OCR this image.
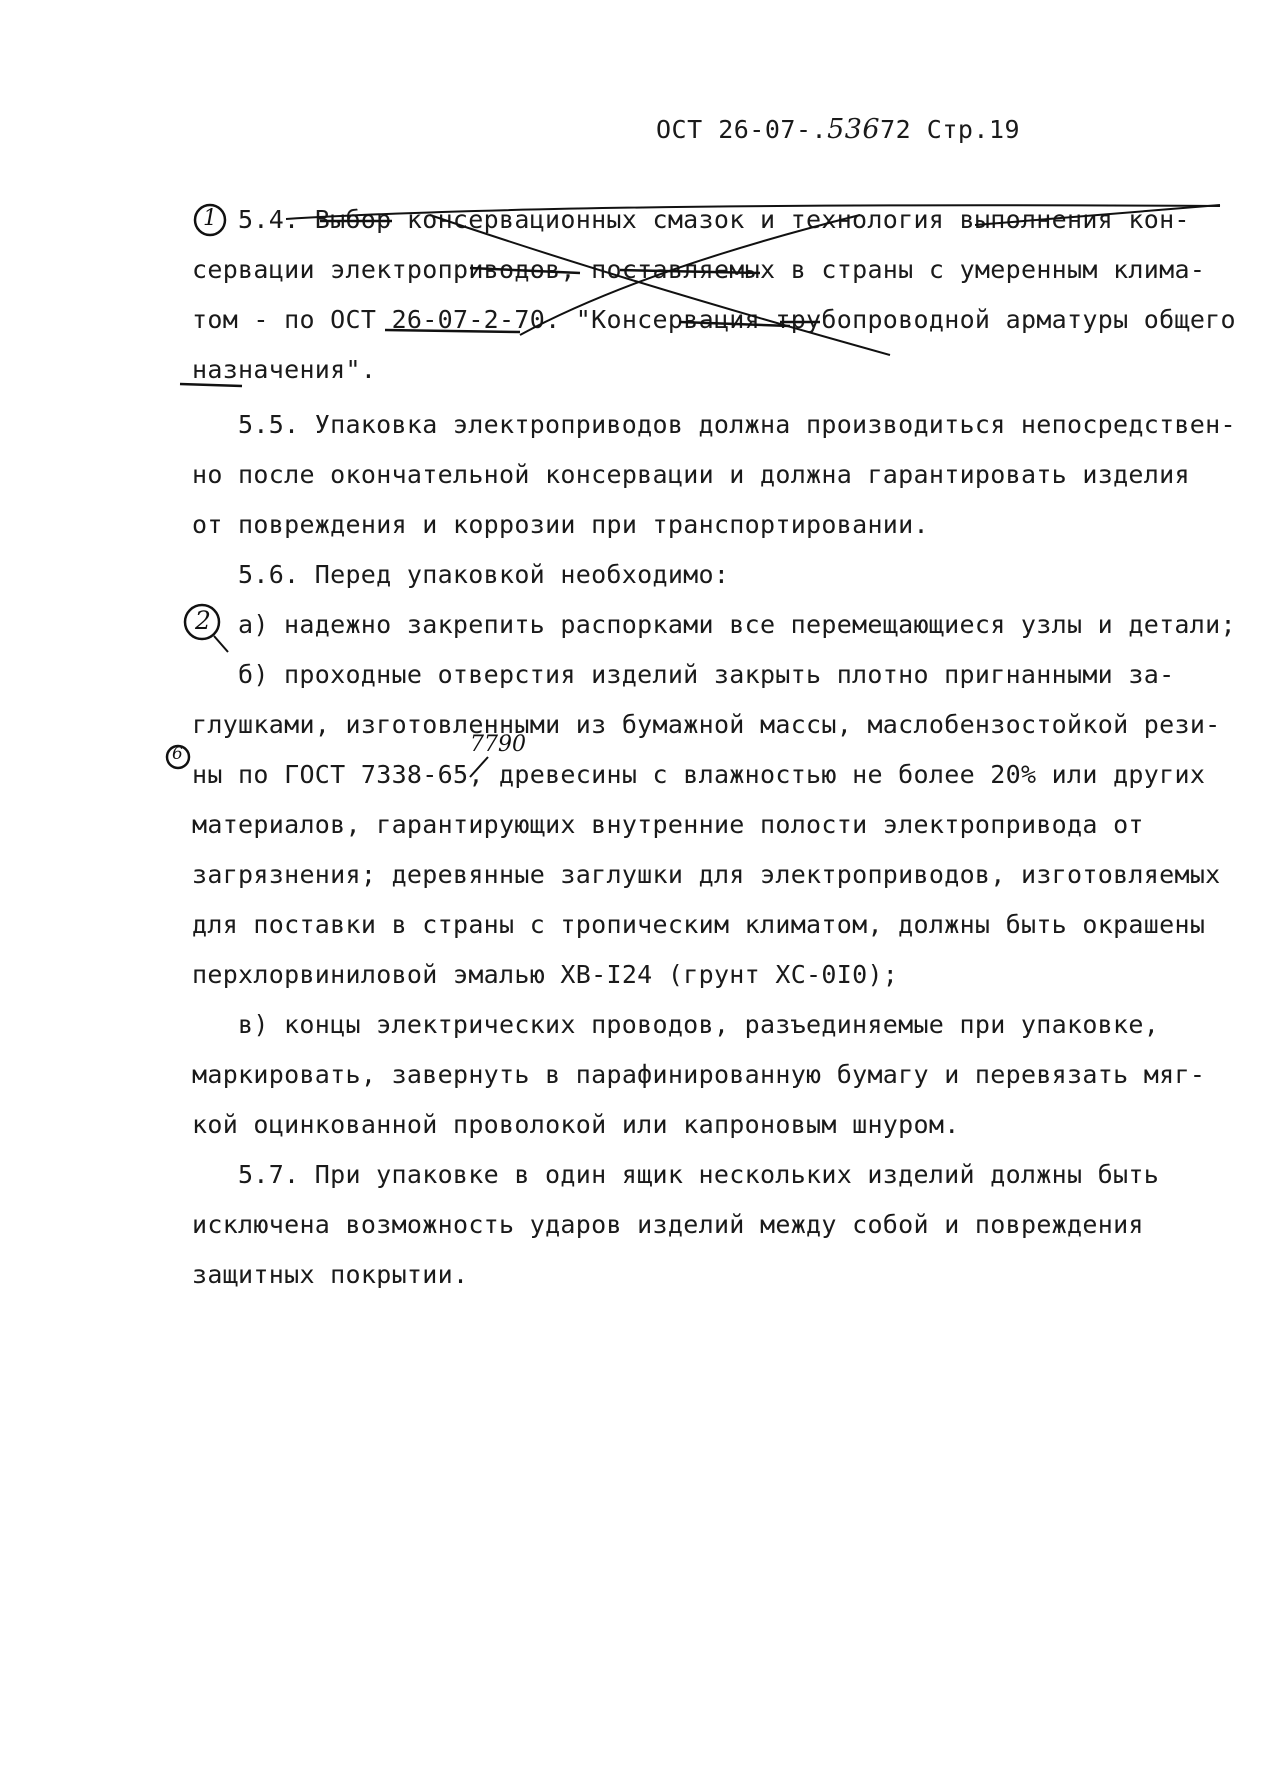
ОСТ 26-07-.53672 Стр.19
5.4. Выбор консервационных смазок и технология выполнения кон-
сервации электроприводов, поставляемых в страны с умеренным клима-
том - по ОСТ 26-07-2-70. "Консервация трубопроводной арматуры общего
назначения".
5.5. Упаковка электроприводов должна производиться непосредствен-
но после окончательной консервации и должна гарантировать изделия
от повреждения и коррозии при транспортировании.
5.6. Перед упаковкой необходимо:
а) надежно закрепить распорками все перемещающиеся узлы и детали;
б) проходные отверстия изделий закрыть плотно пригнанными за-
глушками, изготовленными из бумажной массы, маслобензостойкой рези-
ны по ГОСТ 7338-65, древесины с влажностью не более 20% или других
материалов, гарантирующих внутренние полости электропривода от
загрязнения; деревянные заглушки для электроприводов, изготовляемых
для поставки в страны с тропическим климатом, должны быть окрашены
перхлорвиниловой эмалью ХВ-I24 (грунт ХС-0I0);
в) концы электрических проводов, разъединяемые при упаковке,
маркировать, завернуть в парафинированную бумагу и перевязать мяг-
кой оцинкованной проволокой или капроновым шнуром.
5.7. При упаковке в один ящик нескольких изделий должны быть
исключена возможность ударов изделий между собой и повреждения
защитных покрытии.
1
2
6	7790
